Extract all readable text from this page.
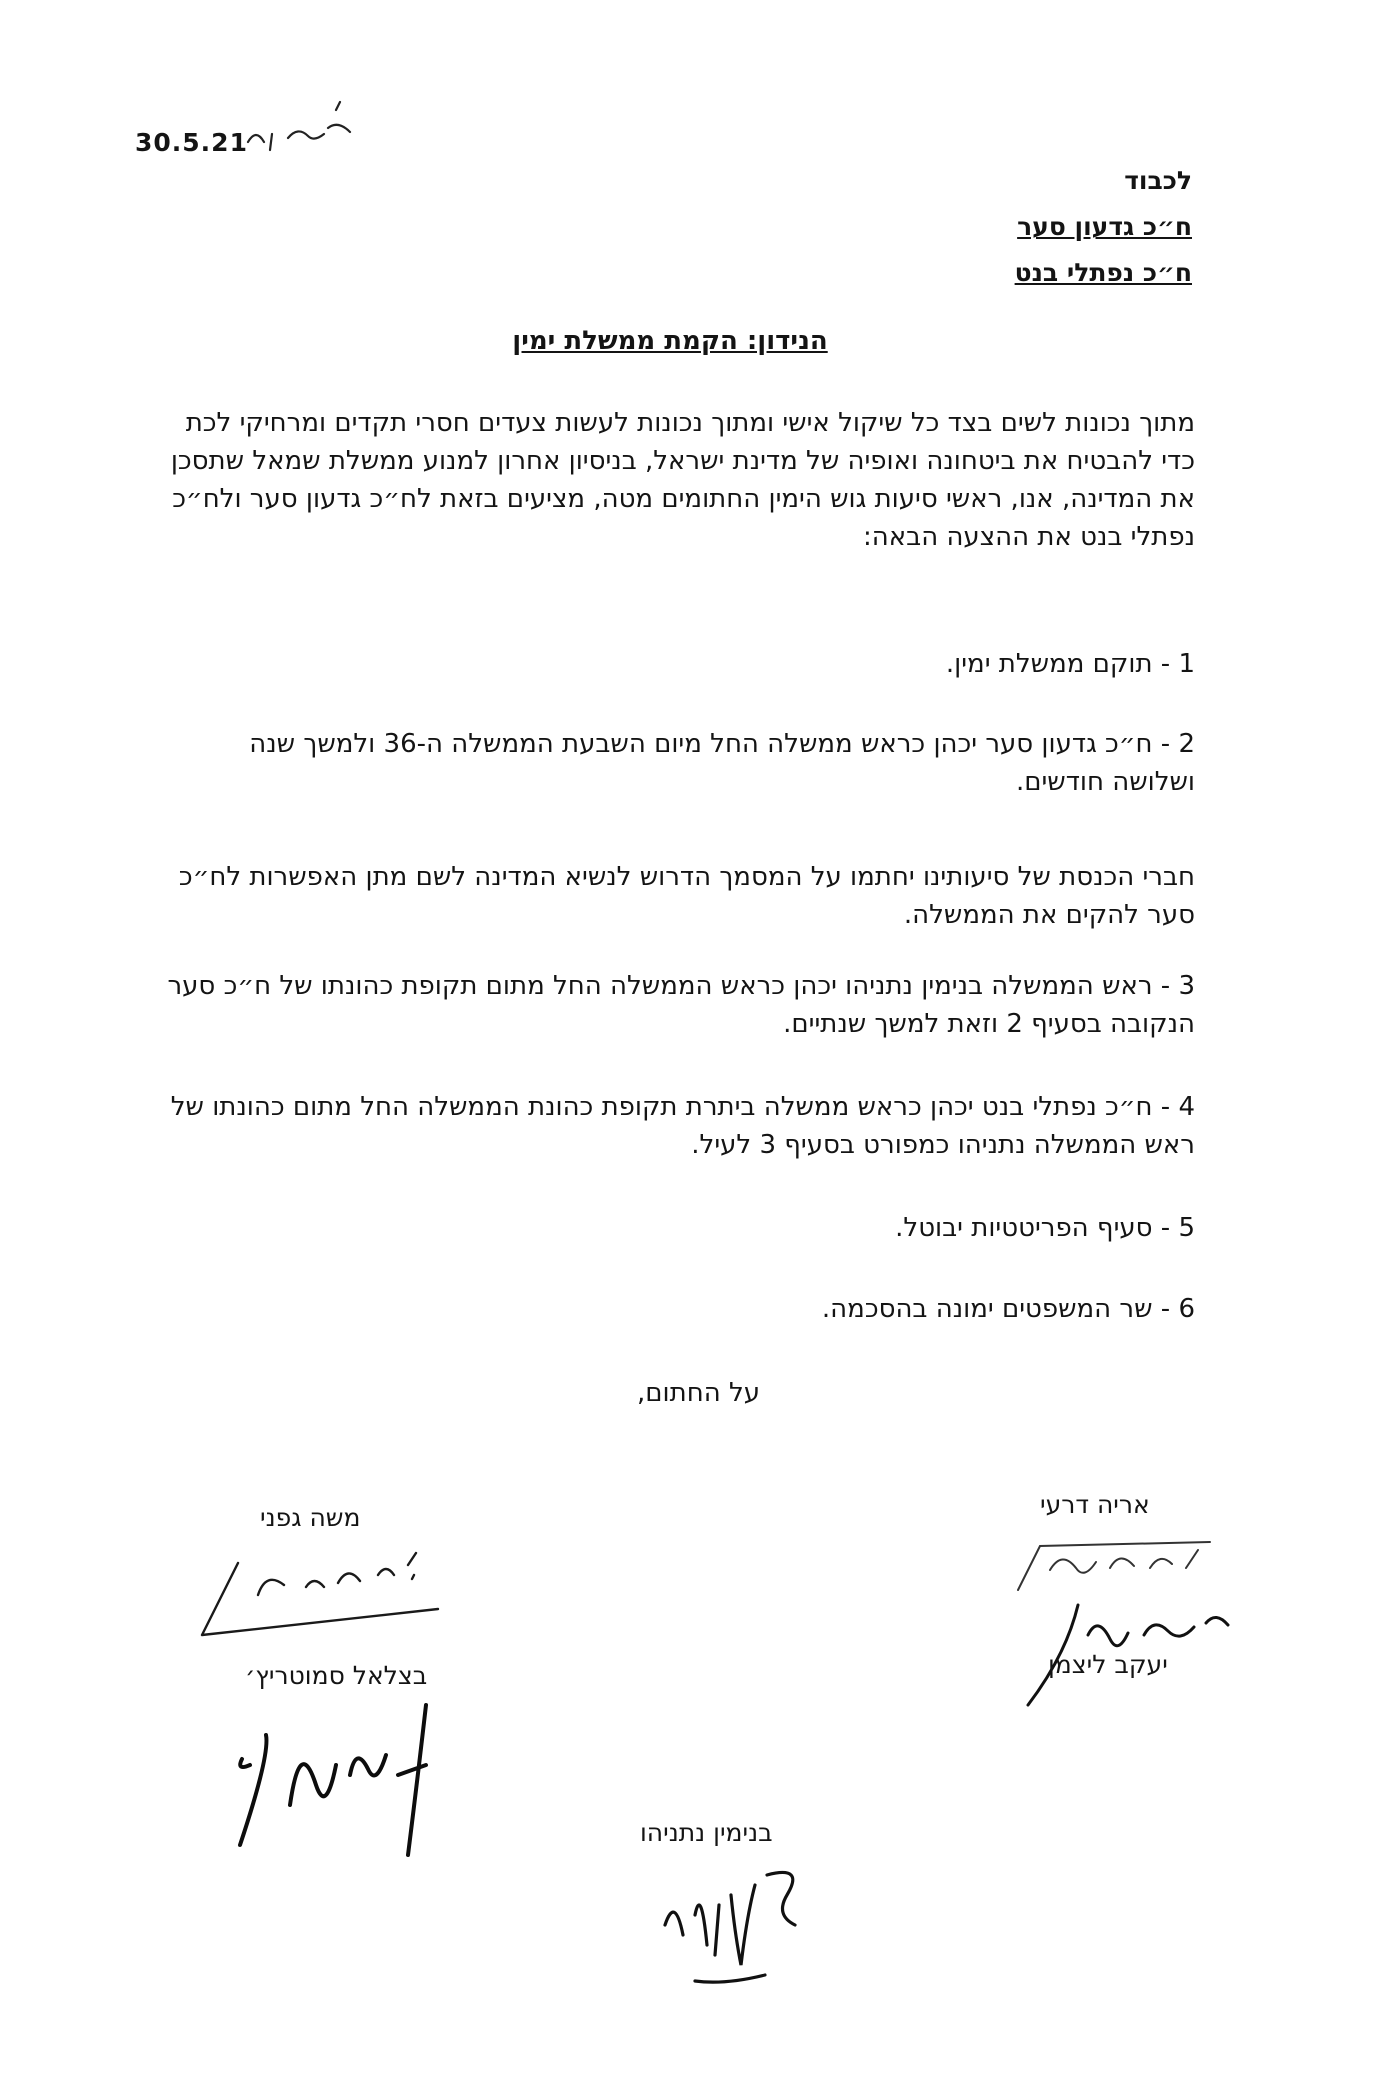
30.5.21
לכבוד
ח״כ גדעון סער
ח״כ נפתלי בנט
הנידון: הקמת ממשלת ימין
מתוך נכונות לשים בצד כל שיקול אישי ומתוך נכונות לעשות צעדים חסרי תקדים ומרחיקי לכת כדי להבטיח את ביטחונה ואופיה של מדינת ישראל, בניסיון אחרון למנוע ממשלת שמאל שתסכן את המדינה, אנו, ראשי סיעות גוש הימין החתומים מטה, מציעים בזאת לח״כ גדעון סער ולח״כ נפתלי בנט את ההצעה הבאה:
1 - תוקם ממשלת ימין.
2 - ח״כ גדעון סער יכהן כראש ממשלה החל מיום השבעת הממשלה ה-36 ולמשך שנה ושלושה חודשים.
חברי הכנסת של סיעותינו יחתמו על המסמך הדרוש לנשיא המדינה לשם מתן האפשרות לח״כ סער להקים את הממשלה.
3 - ראש הממשלה בנימין נתניהו יכהן כראש הממשלה החל מתום תקופת כהונתו של ח״כ סער הנקובה בסעיף 2 וזאת למשך שנתיים.
4 - ח״כ נפתלי בנט יכהן כראש ממשלה ביתרת תקופת כהונת הממשלה החל מתום כהונתו של ראש הממשלה נתניהו כמפורט בסעיף 3 לעיל.
5 - סעיף הפריטטיות יבוטל.
6 - שר המשפטים ימונה בהסכמה.
על החתום,
משה גפני	אריה דרעי
יעקב ליצמן
בצלאל סמוטריץ׳
בנימין נתניהו
